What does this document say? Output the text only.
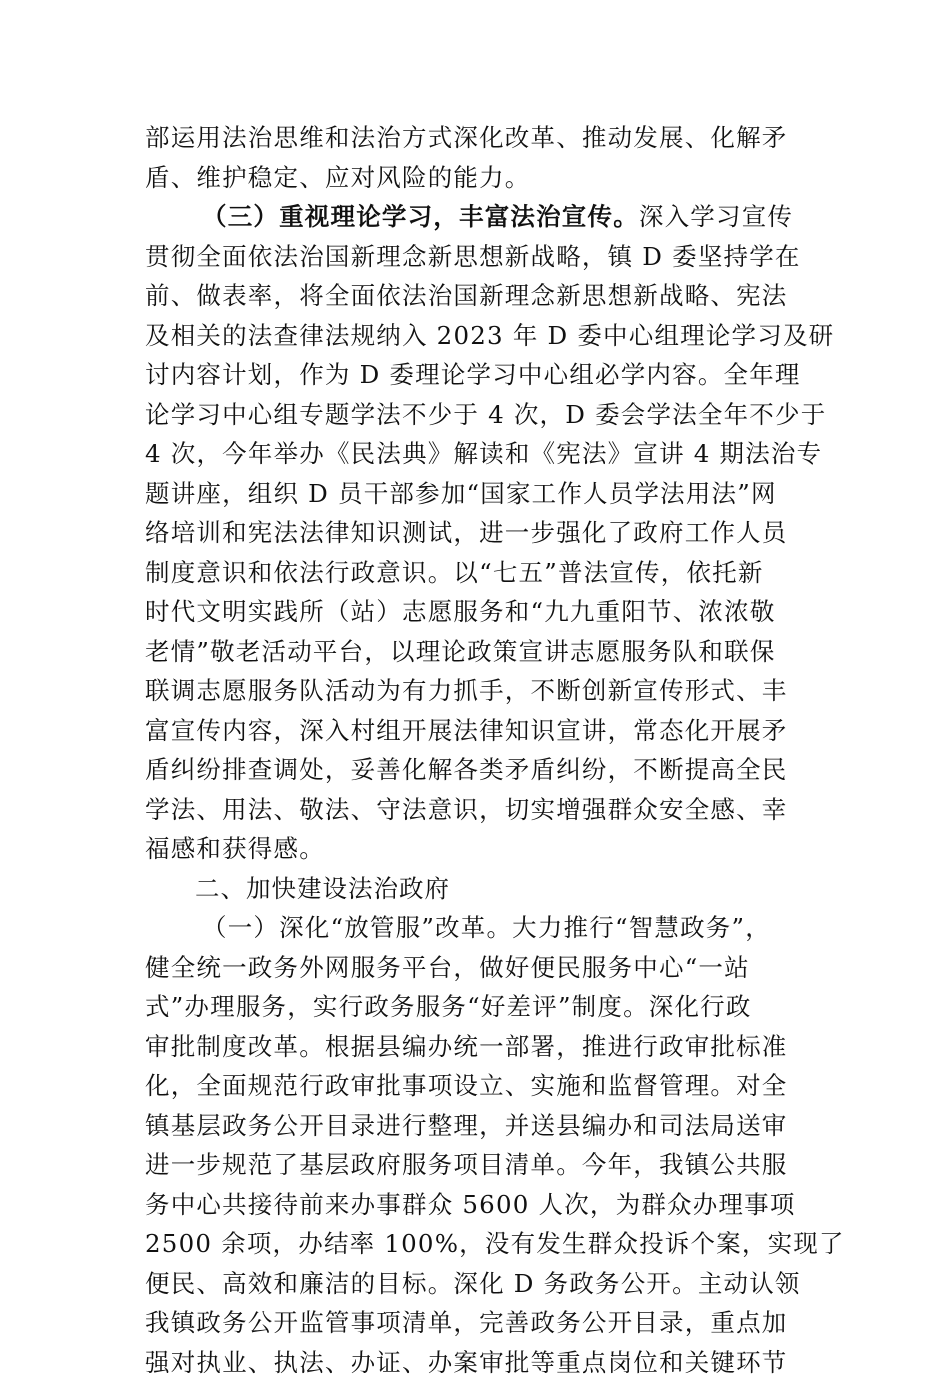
部运用法治思维和法治方式深化改革、推动发展、化解矛
盾、维护稳定、应对风险的能力。
（三）重视理论学习，丰富法治宣传。深入学习宣传
贯彻全面依法治国新理念新思想新战略，镇 D 委坚持学在
前、做表率，将全面依法治国新理念新思想新战略、宪法
及相关的法查律法规纳入 2023 年 D 委中心组理论学习及研
讨内容计划，作为 D 委理论学习中心组必学内容。全年理
论学习中心组专题学法不少于 4 次，D 委会学法全年不少于
4 次，今年举办《民法典》解读和《宪法》宣讲 4 期法治专
题讲座，组织 D 员干部参加“国家工作人员学法用法”网
络培训和宪法法律知识测试，进一步强化了政府工作人员
制度意识和依法行政意识。以“七五”普法宣传，依托新
时代文明实践所（站）志愿服务和“九九重阳节、浓浓敬
老情”敬老活动平台，以理论政策宣讲志愿服务队和联保
联调志愿服务队活动为有力抓手，不断创新宣传形式、丰
富宣传内容，深入村组开展法律知识宣讲，常态化开展矛
盾纠纷排查调处，妥善化解各类矛盾纠纷，不断提高全民
学法、用法、敬法、守法意识，切实增强群众安全感、幸
福感和获得感。
二、加快建设法治政府
（一）深化“放管服”改革。大力推行“智慧政务”，
健全统一政务外网服务平台，做好便民服务中心“一站
式”办理服务，实行政务服务“好差评”制度。深化行政
审批制度改革。根据县编办统一部署，推进行政审批标准
化，全面规范行政审批事项设立、实施和监督管理。对全
镇基层政务公开目录进行整理，并送县编办和司法局送审
进一步规范了基层政府服务项目清单。今年，我镇公共服
务中心共接待前来办事群众 5600 人次，为群众办理事项
2500 余项，办结率 100%，没有发生群众投诉个案，实现了
便民、高效和廉洁的目标。深化 D 务政务公开。主动认领
我镇政务公开监管事项清单，完善政务公开目录，重点加
强对执业、执法、办证、办案审批等重点岗位和关键环节
